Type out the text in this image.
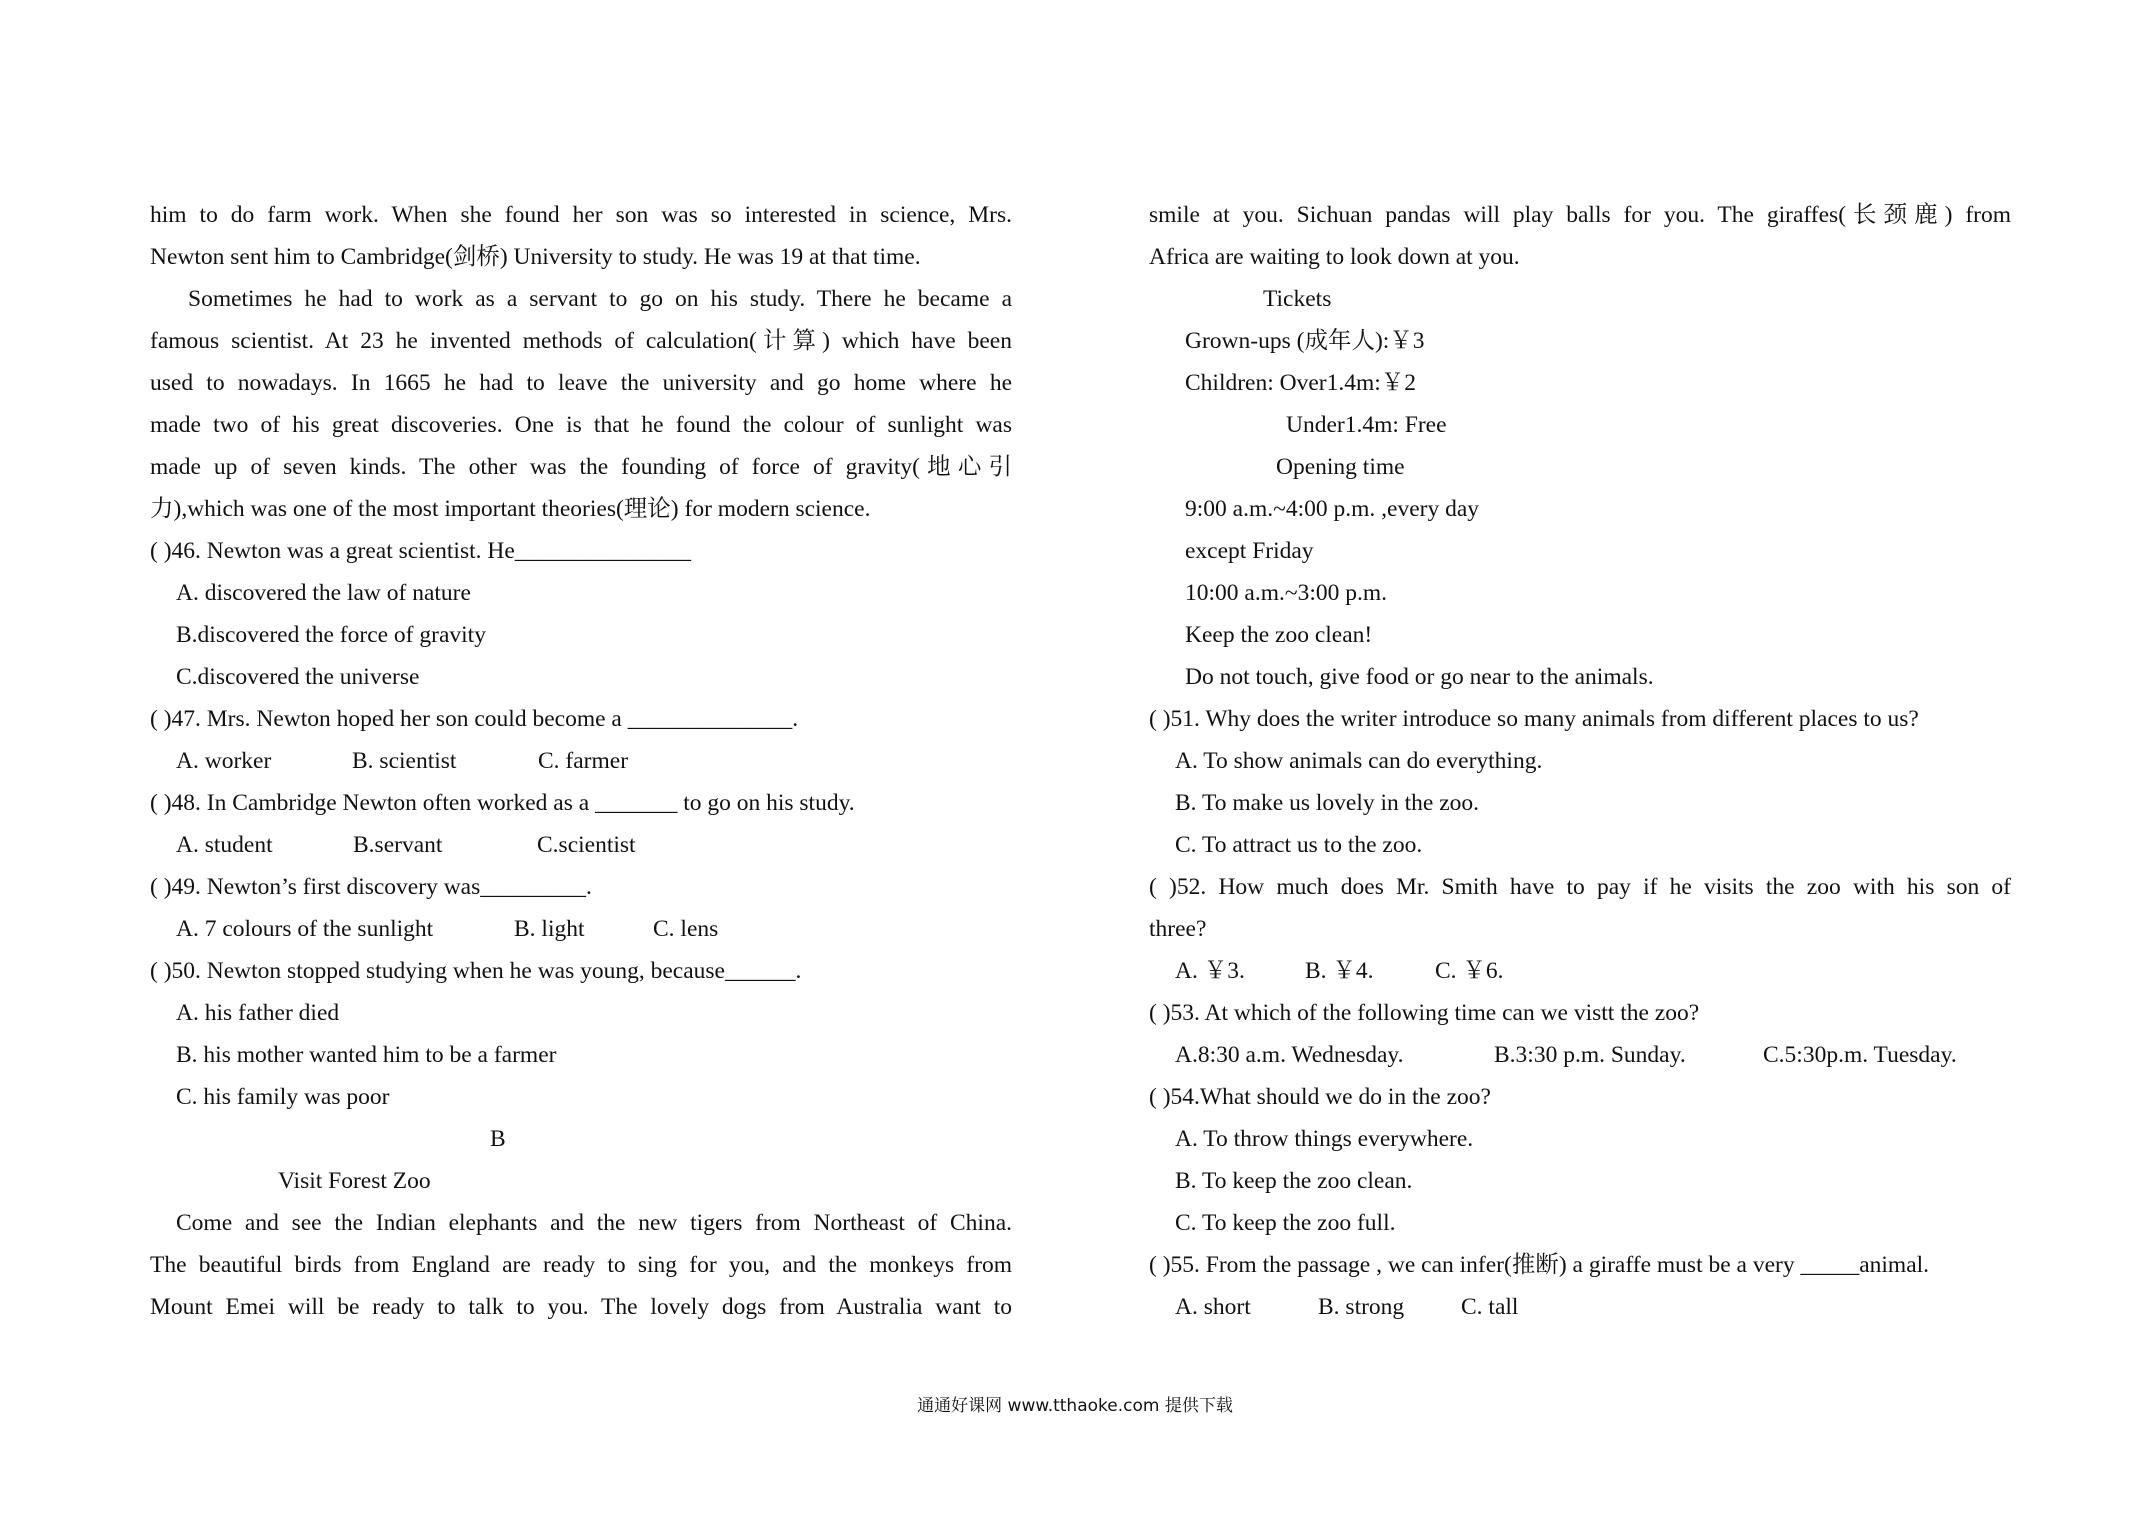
him to do farm work. When she found her son was so interested in science, Mrs.
Newton sent him to Cambridge(剑桥) University to study. He was 19 at that time.
Sometimes he had to work as a servant to go on his study. There he became a
famous scientist. At 23 he invented methods of calculation(计算) which have been
used to nowadays. In 1665 he had to leave the university and go home where he
made two of his great discoveries. One is that he found the colour of sunlight was
made up of seven kinds. The other was the founding of force of gravity(地心引
力),which was one of the most important theories(理论) for modern science.
( )46. Newton was a great scientist. He_______________
A. discovered the law of nature
B.discovered the force of gravity
C.discovered the universe
( )47. Mrs. Newton hoped her son could become a ______________.
A. worker	B. scientist	C. farmer
( )48. In Cambridge Newton often worked as a _______ to go on his study.
A. student	B.servant	C.scientist
( )49. Newton’s first discovery was_________.
A. 7 colours of the sunlight	B. light	C. lens
( )50. Newton stopped studying when he was young, because______.
A. his father died
B. his mother wanted him to be a farmer
C. his family was poor
B
Visit Forest Zoo
Come and see the Indian elephants and the new tigers from Northeast of China.
The beautiful birds from England are ready to sing for you, and the monkeys from
Mount Emei will be ready to talk to you. The lovely dogs from Australia want to
smile at you. Sichuan pandas will play balls for you. The giraffes(长颈鹿) from
Africa are waiting to look down at you.
Tickets
Grown-ups (成年人):￥3
Children: Over1.4m:￥2
Under1.4m: Free
Opening time
9:00 a.m.~4:00 p.m. ,every day
except Friday
10:00 a.m.~3:00 p.m.
Keep the zoo clean!
Do not touch, give food or go near to the animals.
( )51. Why does the writer introduce so many animals from different places to us?
A. To show animals can do everything.
B. To make us lovely in the zoo.
C. To attract us to the zoo.
( )52. How much does Mr. Smith have to pay if he visits the zoo with his son of
three?
A. ￥3.	B. ￥4.	C. ￥6.
( )53. At which of the following time can we vistt the zoo?
A.8:30 a.m. Wednesday.	B.3:30 p.m. Sunday.	C.5:30p.m. Tuesday.
( )54.What should we do in the zoo?
A. To throw things everywhere.
B. To keep the zoo clean.
C. To keep the zoo full.
( )55. From the passage , we can infer(推断) a giraffe must be a very _____animal.
A. short	B. strong	C. tall
通通好课网 www.tthaoke.com 提供下载
